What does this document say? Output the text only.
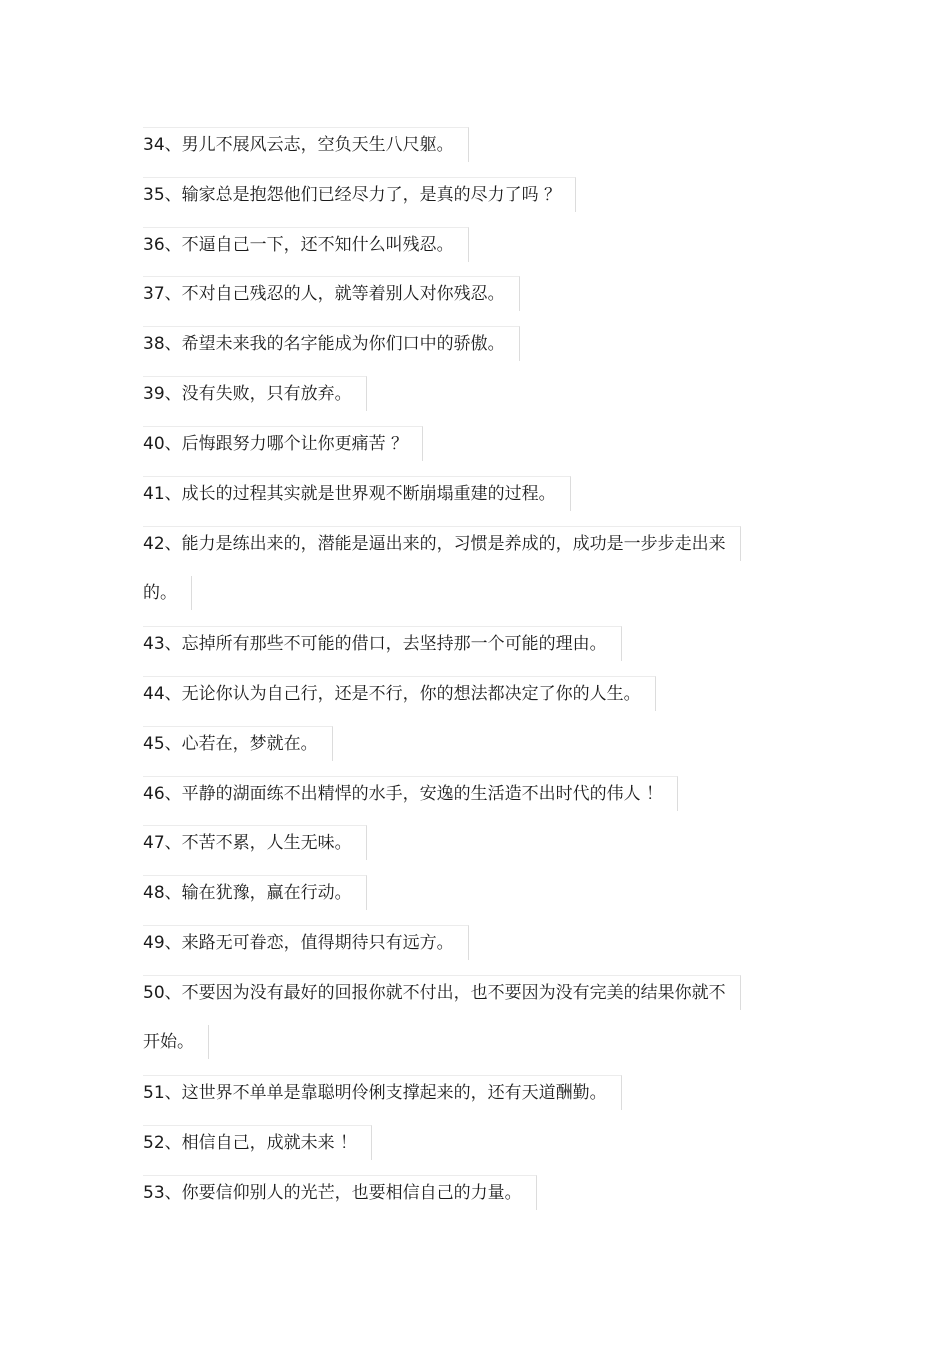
34、男儿不展风云志，空负天生八尺躯。
35、输家总是抱怨他们已经尽力了，是真的尽力了吗 ？
36、不逼自己一下，还不知什么叫残忍。
37、不对自己残忍的人，就等着别人对你残忍。
38、希望未来我的名字能成为你们口中的骄傲。
39、没有失败，只有放弃。
40、后悔跟努力哪个让你更痛苦 ？
41、成长的过程其实就是世界观不断崩塌重建的过程。
42、能力是练出来的，潜能是逼出来的，习惯是养成的，成功是一步步走出来
的。
43、忘掉所有那些不可能的借口，去坚持那一个可能的理由。
44、无论你认为自己行，还是不行，你的想法都决定了你的人生。
45、心若在，梦就在。
46、平静的湖面练不出精悍的水手，安逸的生活造不出时代的伟人 ！
47、不苦不累，人生无味。
48、输在犹豫，赢在行动。
49、来路无可眷恋，值得期待只有远方。
50、不要因为没有最好的回报你就不付出，也不要因为没有完美的结果你就不
开始。
51、这世界不单单是靠聪明伶俐支撑起来的，还有天道酬勤。
52、相信自己，成就未来 ！
53、你要信仰别人的光芒，也要相信自己的力量。
